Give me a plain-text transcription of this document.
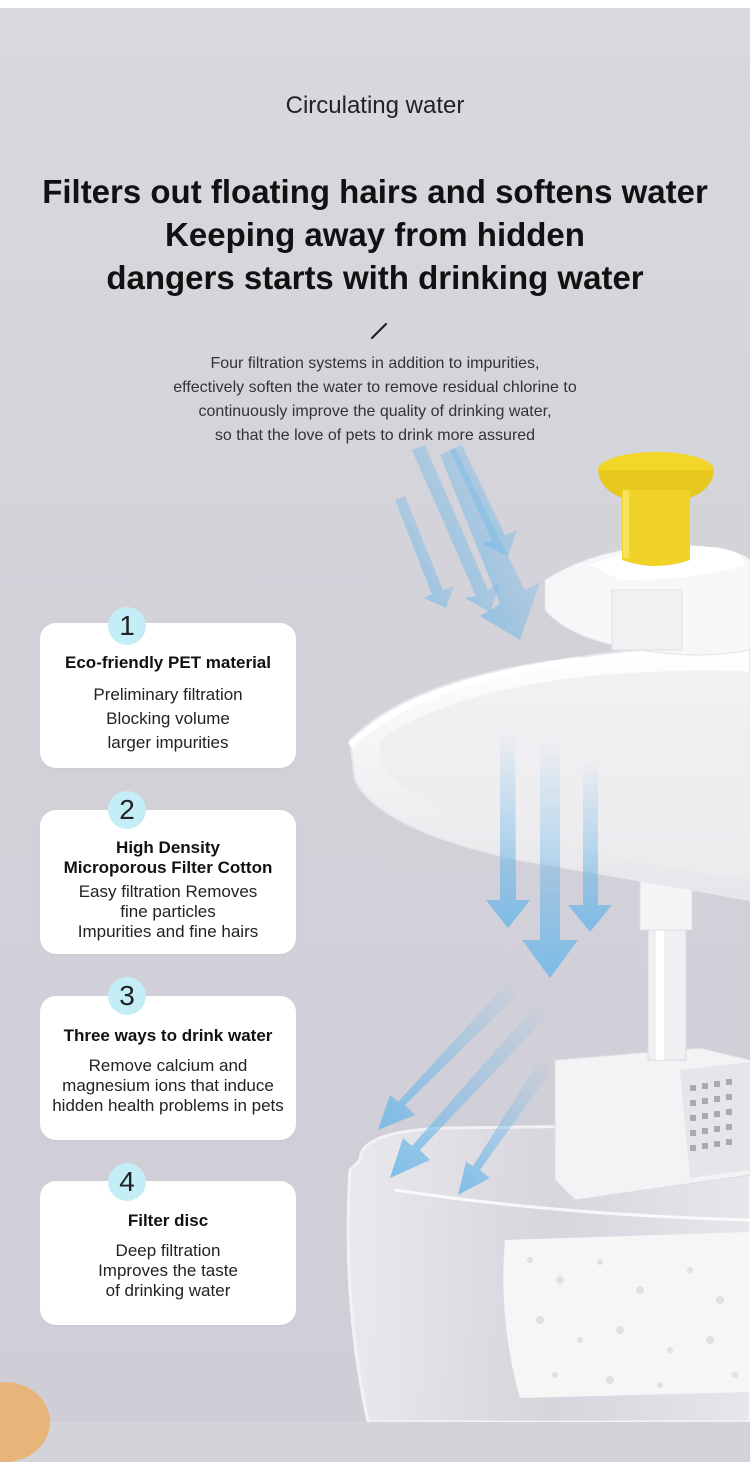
Circulating water
Filters out floating hairs and softens water
Keeping away from hidden
dangers starts with drinking water
Four filtration systems in addition to impurities,
effectively soften the water to remove residual chlorine to
continuously improve the quality of drinking water,
so that the love of pets to drink more assured
Eco-friendly PET material
Preliminary filtration
Blocking volume
larger impurities
1
High Density
Microporous Filter Cotton
Easy filtration Removes
fine particles
Impurities and fine hairs
2
Three ways to drink water
Remove calcium and
magnesium ions that induce
hidden health problems in pets
3
Filter disc
Deep filtration
Improves the taste
of drinking water
4
